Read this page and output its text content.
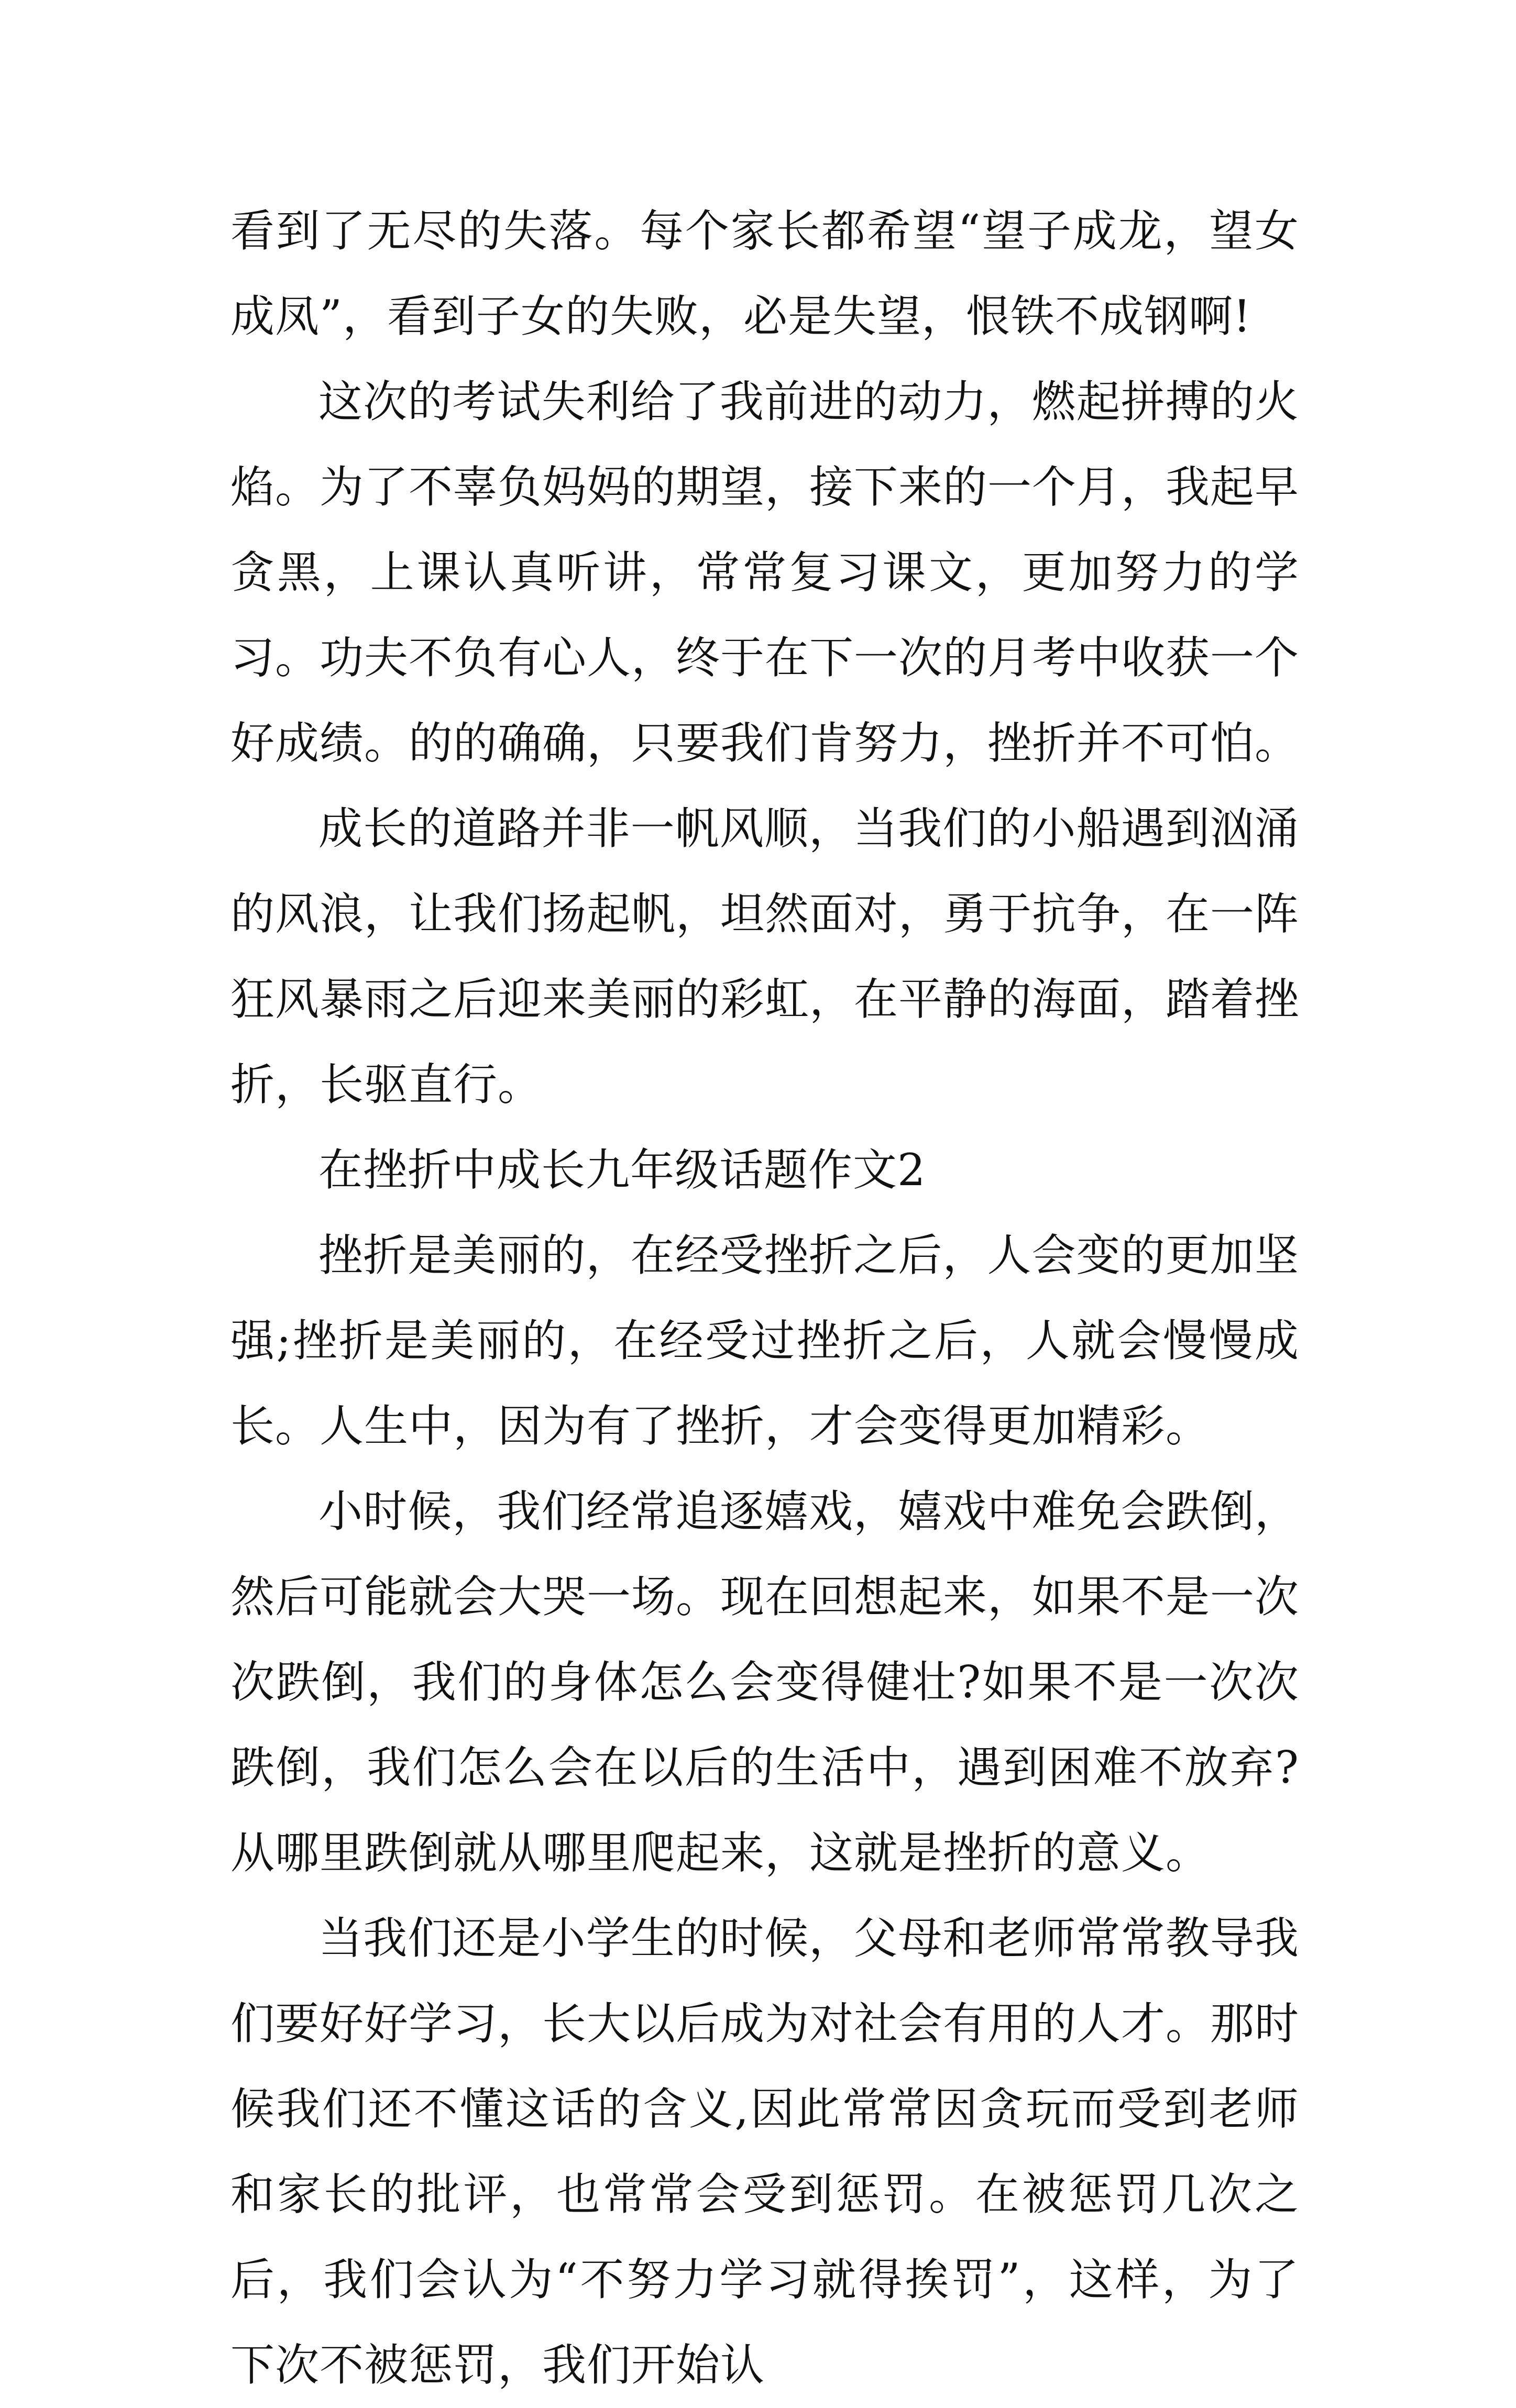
看到了无尽的失落。每个家长都希望“望子成龙，望女成凤”，看到子女的失败，必是失望，恨铁不成钢啊!

这次的考试失利给了我前进的动力，燃起拼搏的火焰。为了不辜负妈妈的期望，接下来的一个月，我起早贪黑，上课认真听讲，常常复习课文，更加努力的学习。功夫不负有心人，终于在下一次的月考中收获一个好成绩。的的确确，只要我们肯努力，挫折并不可怕。

成长的道路并非一帆风顺，当我们的小船遇到汹涌的风浪，让我们扬起帆，坦然面对，勇于抗争，在一阵狂风暴雨之后迎来美丽的彩虹，在平静的海面，踏着挫折，长驱直行。

在挫折中成长九年级话题作文2

挫折是美丽的，在经受挫折之后，人会变的更加坚强;挫折是美丽的，在经受过挫折之后，人就会慢慢成长。人生中，因为有了挫折，才会变得更加精彩。

小时候，我们经常追逐嬉戏，嬉戏中难免会跌倒，然后可能就会大哭一场。现在回想起来，如果不是一次次跌倒，我们的身体怎么会变得健壮?如果不是一次次跌倒，我们怎么会在以后的生活中，遇到困难不放弃?从哪里跌倒就从哪里爬起来，这就是挫折的意义。

当我们还是小学生的时候，父母和老师常常教导我们要好好学习，长大以后成为对社会有用的人才。那时候我们还不懂这话的含义,因此常常因贪玩而受到老师和家长的批评，也常常会受到惩罚。在被惩罚几次之后，我们会认为“不努力学习就得挨罚”，这样，为了下次不被惩罚，我们开始认
